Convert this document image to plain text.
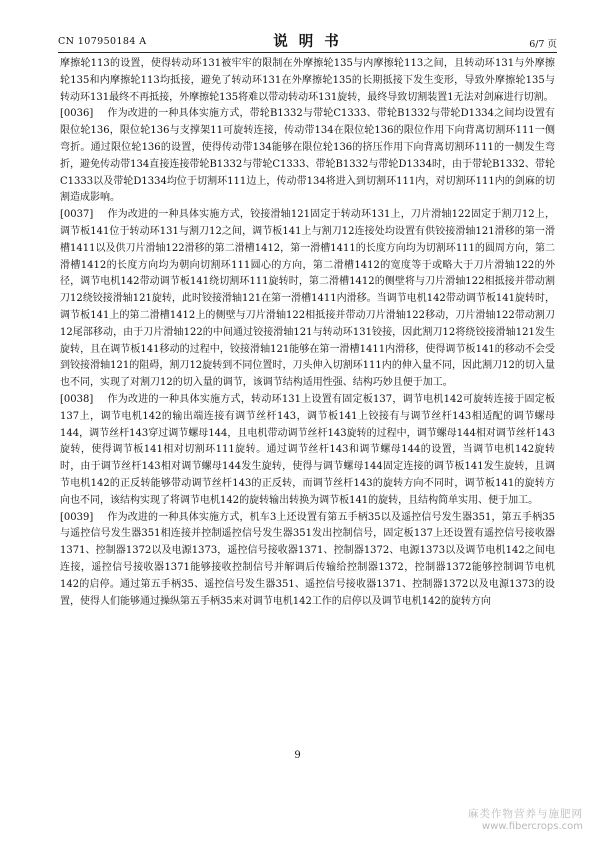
CN 107950184 A	说 明 书	6/7 页

摩擦轮113的设置，使得转动环131被牢牢的限制在外摩擦轮135与内摩擦轮113之间，且转动环131与外摩擦轮135和内摩擦轮113均抵接，避免了转动环131在外摩擦轮135的长期抵接下发生变形，导致外摩擦轮135与转动环131最终不再抵接，外摩擦轮135将难以带动转动环131旋转，最终导致切割装置1无法对剑麻进行切割。

[0036] 作为改进的一种具体实施方式，带轮B1332与带轮C1333、带轮B1332与带轮D1334之间均设置有限位轮136，限位轮136与支撑架11可旋转连接，传动带134在限位轮136的限位作用下向背离切割环111一侧弯折。通过限位轮136的设置，使得传动带134能够在限位轮136的挤压作用下向背离切割环111的一侧发生弯折，避免传动带134直接连接带轮B1332与带轮C1333、带轮B1332与带轮D1334时，由于带轮B1332、带轮C1333以及带轮D1334均位于切割环111边上，传动带134将进入到切割环111内，对切割环111内的剑麻的切割造成影响。

[0037] 作为改进的一种具体实施方式，铰接滑轴121固定于转动环131上，刀片滑轴122固定于割刀12上，调节板141位于转动环131与割刀12之间，调节板141上与割刀12连接处均设置有供铰接滑轴121滑移的第一滑槽1411以及供刀片滑轴122滑移的第二滑槽1412，第一滑槽1411的长度方向均为切割环111的圆周方向，第二滑槽1412的长度方向均为朝向切割环111圆心的方向，第二滑槽1412的宽度等于或略大于刀片滑轴122的外径，调节电机142带动调节板141绕切割环111旋转时，第二滑槽1412的侧壁将与刀片滑轴122相抵接并带动割刀12绕铰接滑轴121旋转，此时铰接滑轴121在第一滑槽1411内滑移。当调节电机142带动调节板141旋转时，调节板141上的第二滑槽1412上的侧壁与刀片滑轴122相抵接并带动刀片滑轴122移动，刀片滑轴122带动割刀12尾部移动，由于刀片滑轴122的中间通过铰接滑轴121与转动环131铰接，因此割刀12将绕铰接滑轴121发生旋转，且在调节板141移动的过程中，铰接滑轴121能够在第一滑槽1411内滑移，使得调节板141的移动不会受到铰接滑轴121的阻碍，割刀12旋转到不同位置时，刀头伸入切割环111内的伸入量不同，因此割刀12的切入量也不同，实现了对割刀12的切入量的调节，该调节结构适用性强、结构巧妙且便于加工。

[0038] 作为改进的一种具体实施方式，转动环131上设置有固定板137，调节电机142可旋转连接于固定板137上，调节电机142的输出端连接有调节丝杆143，调节板141上铰接有与调节丝杆143相适配的调节螺母144，调节丝杆143穿过调节螺母144，且电机带动调节丝杆143旋转的过程中，调节螺母144相对调节丝杆143旋转，使得调节板141相对切割环111旋转。通过调节丝杆143和调节螺母144的设置，当调节电机142旋转时，由于调节丝杆143相对调节螺母144发生旋转，使得与调节螺母144固定连接的调节板141发生旋转，且调节电机142的正反转能够带动调节丝杆143的正反转，而调节丝杆143的旋转方向不同时，调节板141的旋转方向也不同，该结构实现了将调节电机142的旋转输出转换为调节板141的旋转，且结构简单实用、便于加工。

[0039] 作为改进的一种具体实施方式，机车3上还设置有第五手柄35以及遥控信号发生器351，第五手柄35与遥控信号发生器351相连接并控制遥控信号发生器351发出控制信号，固定板137上还设置有遥控信号接收器1371、控制器1372以及电源1373，遥控信号接收器1371、控制器1372、电源1373以及调节电机142之间电连接，遥控信号接收器1371能够接收控制信号并解调后传输给控制器1372，控制器1372能够控制调节电机142的启停。通过第五手柄35、遥控信号发生器351、遥控信号接收器1371、控制器1372以及电源1373的设置，使得人们能够通过操纵第五手柄35来对调节电机142工作的启停以及调节电机142的旋转方向

9
麻类作物营养与施肥网
www.fibercrops.com
